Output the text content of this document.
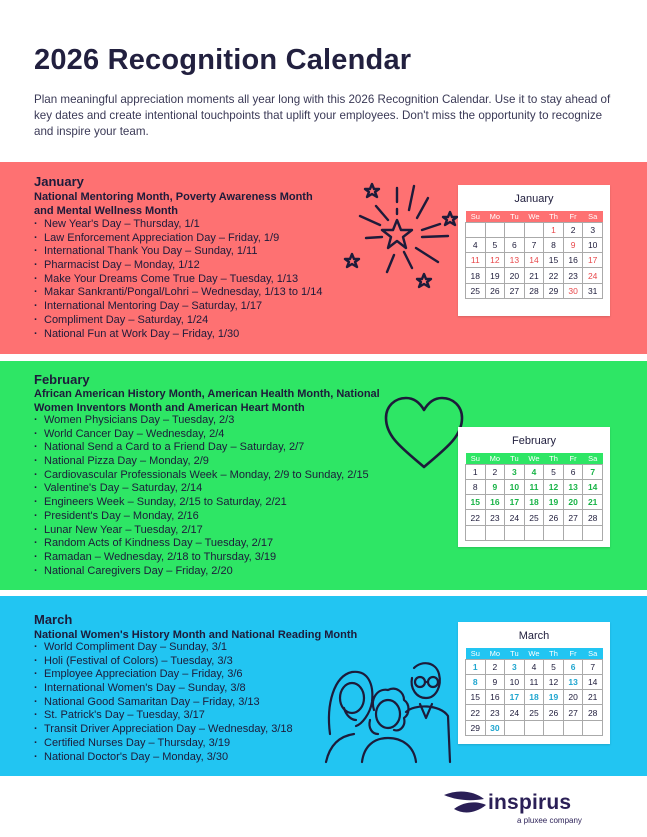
2026 Recognition Calendar
Plan meaningful appreciation moments all year long with this 2026 Recognition Calendar. Use it to stay ahead of key dates and create intentional touchpoints that uplift your employees. Don't miss the opportunity to recognize and inspire your team.
January
National Mentoring Month, Poverty Awareness Month and Mental Wellness Month
· New Year's Day – Thursday, 1/1
· Law Enforcement Appreciation Day – Friday, 1/9
· International Thank You Day – Sunday, 1/11
· Pharmacist Day – Monday, 1/12
· Make Your Dreams Come True Day – Tuesday, 1/13
· Makar Sankranti/Pongal/Lohri – Wednesday, 1/13 to 1/14
· International Mentoring Day – Saturday, 1/17
· Compliment Day – Saturday, 1/24
· National Fun at Work Day – Friday, 1/30
January
Su	Mo	Tu	We	Th	Fr	Sa
				1	2	3
4	5	6	7	8	9	10
11	12	13	14	15	16	17
18	19	20	21	22	23	24
25	26	27	28	29	30	31
February
African American History Month, American Health Month, National Women Inventors Month and American Heart Month
· Women Physicians Day – Tuesday, 2/3
· World Cancer Day – Wednesday, 2/4
· National Send a Card to a Friend Day – Saturday, 2/7
· National Pizza Day – Monday, 2/9
· Cardiovascular Professionals Week – Monday, 2/9 to Sunday, 2/15
· Valentine's Day – Saturday, 2/14
· Engineers Week – Sunday, 2/15 to Saturday, 2/21
· President's Day – Monday, 2/16
· Lunar New Year – Tuesday, 2/17
· Random Acts of Kindness Day – Tuesday, 2/17
· Ramadan – Wednesday, 2/18 to Thursday, 3/19
· National Caregivers Day – Friday, 2/20
February
Su	Mo	Tu	We	Th	Fr	Sa
1	2	3	4	5	6	7
8	9	10	11	12	13	14
15	16	17	18	19	20	21
22	23	24	25	26	27	28

March
National Women's History Month and National Reading Month
· World Compliment Day – Sunday, 3/1
· Holi (Festival of Colors) – Tuesday, 3/3
· Employee Appreciation Day – Friday, 3/6
· International Women's Day – Sunday, 3/8
· National Good Samaritan Day – Friday, 3/13
· St. Patrick's Day – Tuesday, 3/17
· Transit Driver Appreciation Day – Wednesday, 3/18
· Certified Nurses Day – Thursday, 3/19
· National Doctor's Day – Monday, 3/30
March
Su	Mo	Tu	We	Th	Fr	Sa
1	2	3	4	5	6	7
8	9	10	11	12	13	14
15	16	17	18	19	20	21
22	23	24	25	26	27	28
29	30					
inspirus
a pluxee company
